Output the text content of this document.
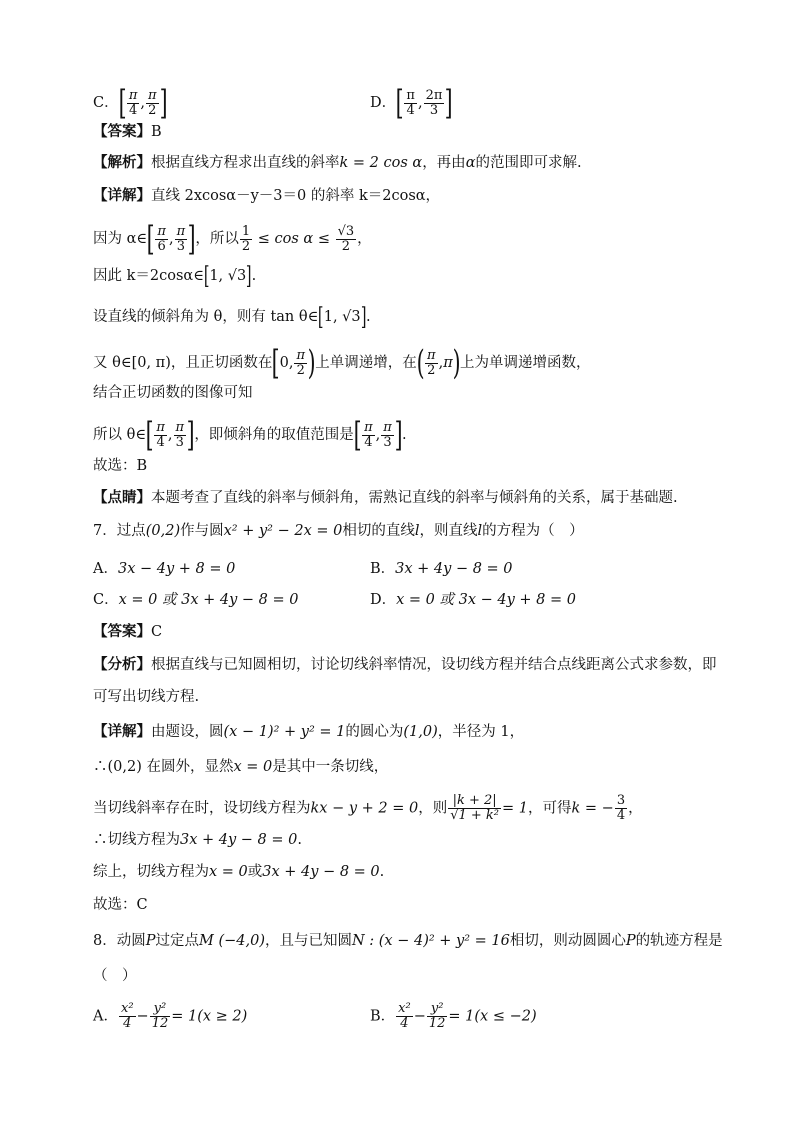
C．[ $\frac{\pi}{4}$ , $\frac{\pi}{2}$ ]	D．[ $\frac{\pi}{4}$ , $\frac{2\pi}{3}$ ]
【答案】B
【解析】根据直线方程求出直线的斜率k = 2 cos α，再由α的范围即可求解.
【详解】直线 2xcosα－y－3＝0 的斜率 k＝2cosα，
因为 α∈[ $\frac{\pi}{6}$ , $\frac{\pi}{3}$ ]，所以 $\frac{1}{2} \le \cos \alpha \le \frac{√3}{2}$ ，
因此 k＝2cosα∈[1, √3].
设直线的倾斜角为 θ，则有 tan θ∈[1, √3].
又 θ∈[0, π)，且正切函数在[0, $\frac{\pi}{2}$ )上单调递增，在( $\frac{\pi}{2} ,\pi$)上为单调递增函数，
结合正切函数的图像可知
所以 θ∈[ $\frac{\pi}{4}$ , $\frac{\pi}{3}$ ]，即倾斜角的取值范围是[ $\frac{\pi}{4}$ , $\frac{\pi}{3}$ ].
故选：B
【点睛】本题考查了直线的斜率与倾斜角，需熟记直线的斜率与倾斜角的关系，属于基础题.
7．过点(0,2)作与圆x² + y² − 2x = 0相切的直线l，则直线l的方程为（　）
A．3x − 4y + 8 = 0	B．3x + 4y − 8 = 0
C．x = 0 或 3x + 4y − 8 = 0	D．x = 0 或 3x − 4y + 8 = 0
【答案】C
【分析】根据直线与已知圆相切，讨论切线斜率情况，设切线方程并结合点线距离公式求参数，即
可写出切线方程.
【详解】由题设，圆(x − 1)² + y² = 1的圆心为(1,0)，半径为 1，
∴(0,2) 在圆外，显然x = 0是其中一条切线，
当切线斜率存在时，设切线方程为kx − y + 2 = 0，则 $\frac{|k + 2|}{\text{√1 + k²}} = 1$，可得k = − $\frac{3}{4}$ ，
∴切线方程为3x + 4y − 8 = 0.
综上，切线方程为x = 0或3x + 4y − 8 = 0.
故选：C
8．动圆P过定点M (−4,0)，且与已知圆N : (x − 4)² + y² = 16相切，则动圆圆心P的轨迹方程是
（　）
A． $\frac{\text{x²}}{4} - \frac{\text{y²}}{12} = 1(x \ge 2)$	B． $\frac{\text{x²}}{4} - \frac{\text{y²}}{12} = 1(x \le -2)$
